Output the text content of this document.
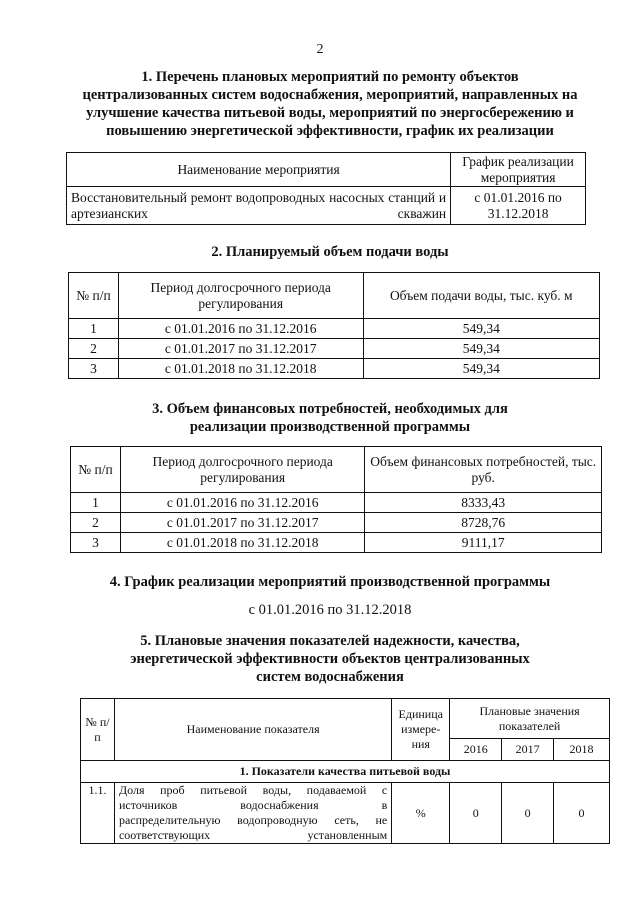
2
1. Перечень плановых мероприятий по ремонту объектов
централизованных систем водоснабжения, мероприятий, направленных на
улучшение качества питьевой воды, мероприятий по энергосбережению и
повышению энергетической эффективности, график их реализации
Наименование мероприятия	График реализации мероприятия
Восстановительный ремонт водопроводных насосных станций и артезианских скважин	с 01.01.2016 по 31.12.2018
2. Планируемый объем подачи воды
№ п/п	Период долгосрочного периода регулирования	Объем подачи воды, тыс. куб. м
1	с 01.01.2016 по 31.12.2016	549,34
2	с 01.01.2017 по 31.12.2017	549,34
3	с 01.01.2018 по 31.12.2018	549,34
3. Объем финансовых потребностей, необходимых для
реализации производственной программы
№ п/п	Период долгосрочного периода регулирования	Объем финансовых потребностей, тыс. руб.
1	с 01.01.2016 по 31.12.2016	8333,43
2	с 01.01.2017 по 31.12.2017	8728,76
3	с 01.01.2018 по 31.12.2018	9111,17
4. График реализации мероприятий производственной программы
с 01.01.2016 по 31.12.2018
5. Плановые значения показателей надежности, качества,
энергетической эффективности объектов централизованных
систем водоснабжения
№ п/п	Наименование показателя	Единица измере-ния	Плановые значения показателей		
			2016	2017	2018
1. Показатели качества питьевой воды					
1.1.	Доля проб питьевой воды, подаваемой с
источников водоснабжения в
распределительную водопроводную сеть, не
соответствующих установленным	%	0	0	0
